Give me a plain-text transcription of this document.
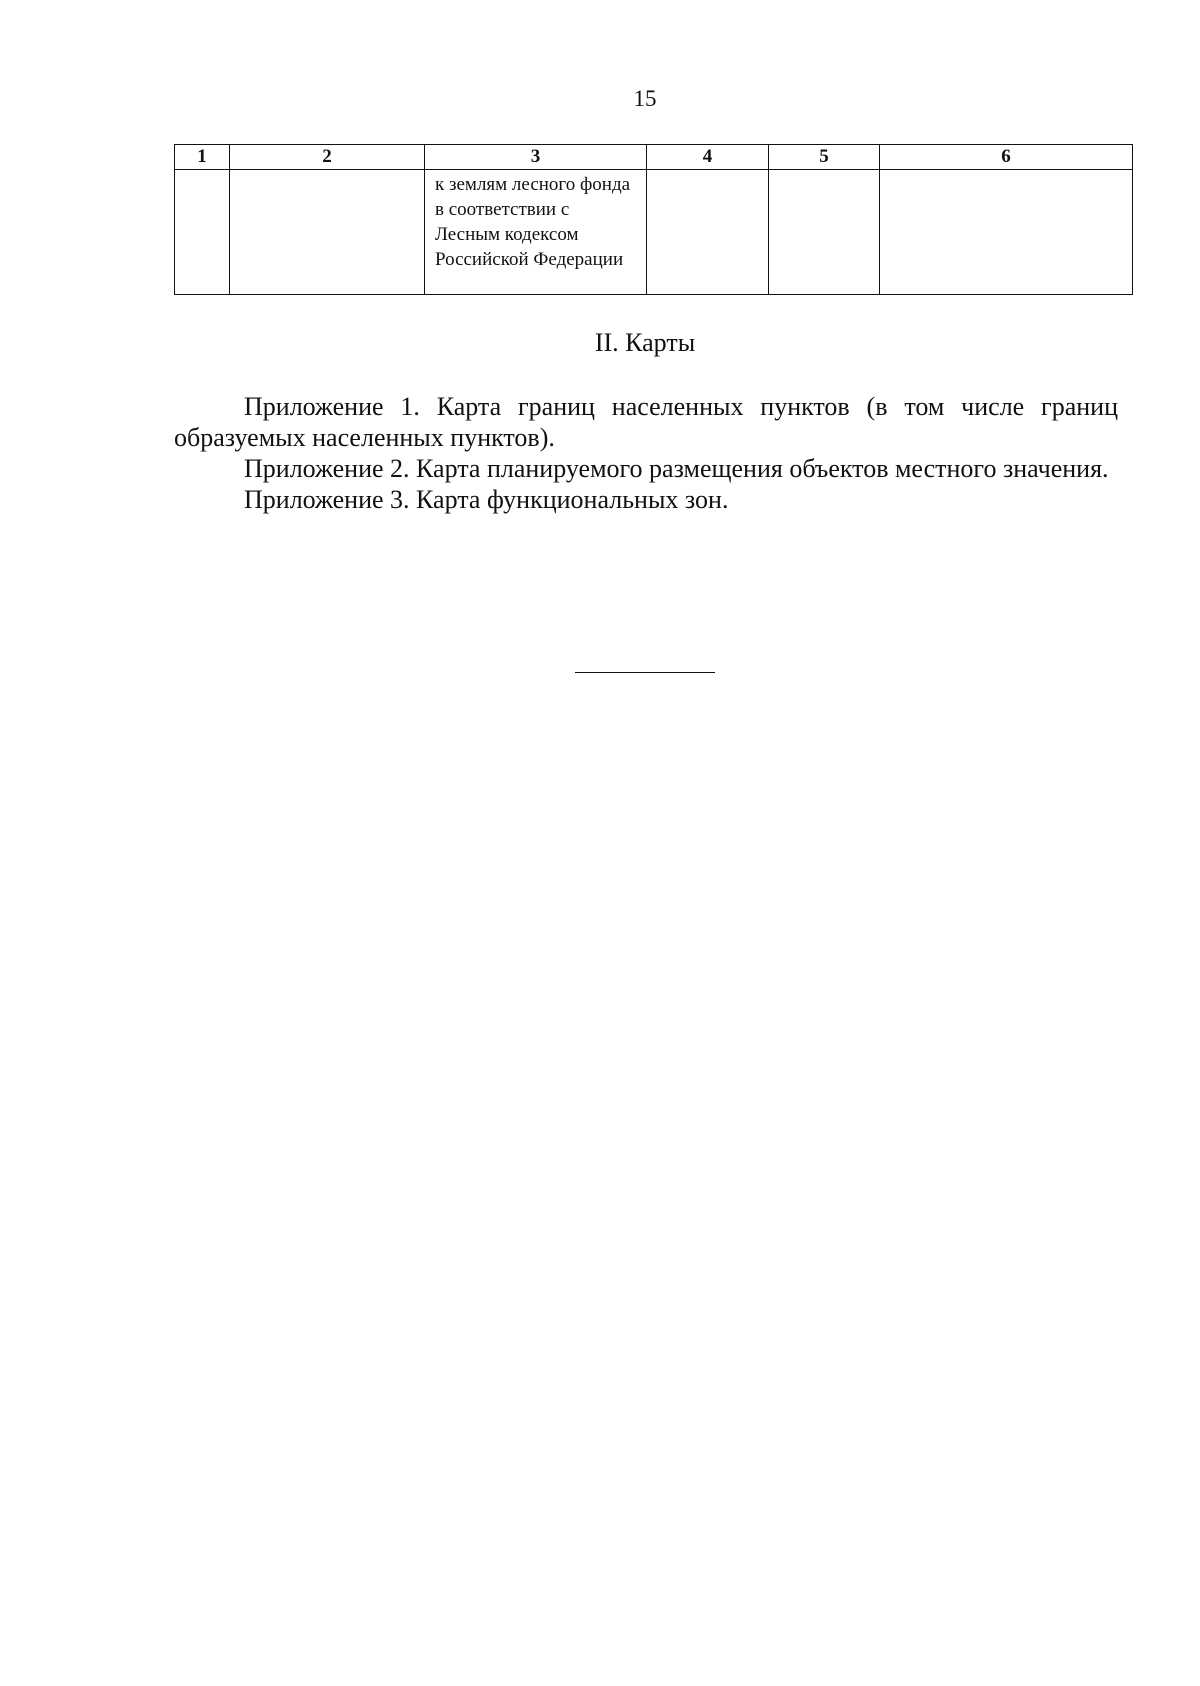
15
1	2	3	4	5	6

		к землям лесного фонда в соответствии с Лесным кодексом Российской Федерации			

II. Карты

Приложение 1. Карта границ населенных пунктов (в том числе границ образуемых населенных пунктов).

Приложение 2. Карта планируемого размещения объектов местного значения.

Приложение 3. Карта функциональных зон.
